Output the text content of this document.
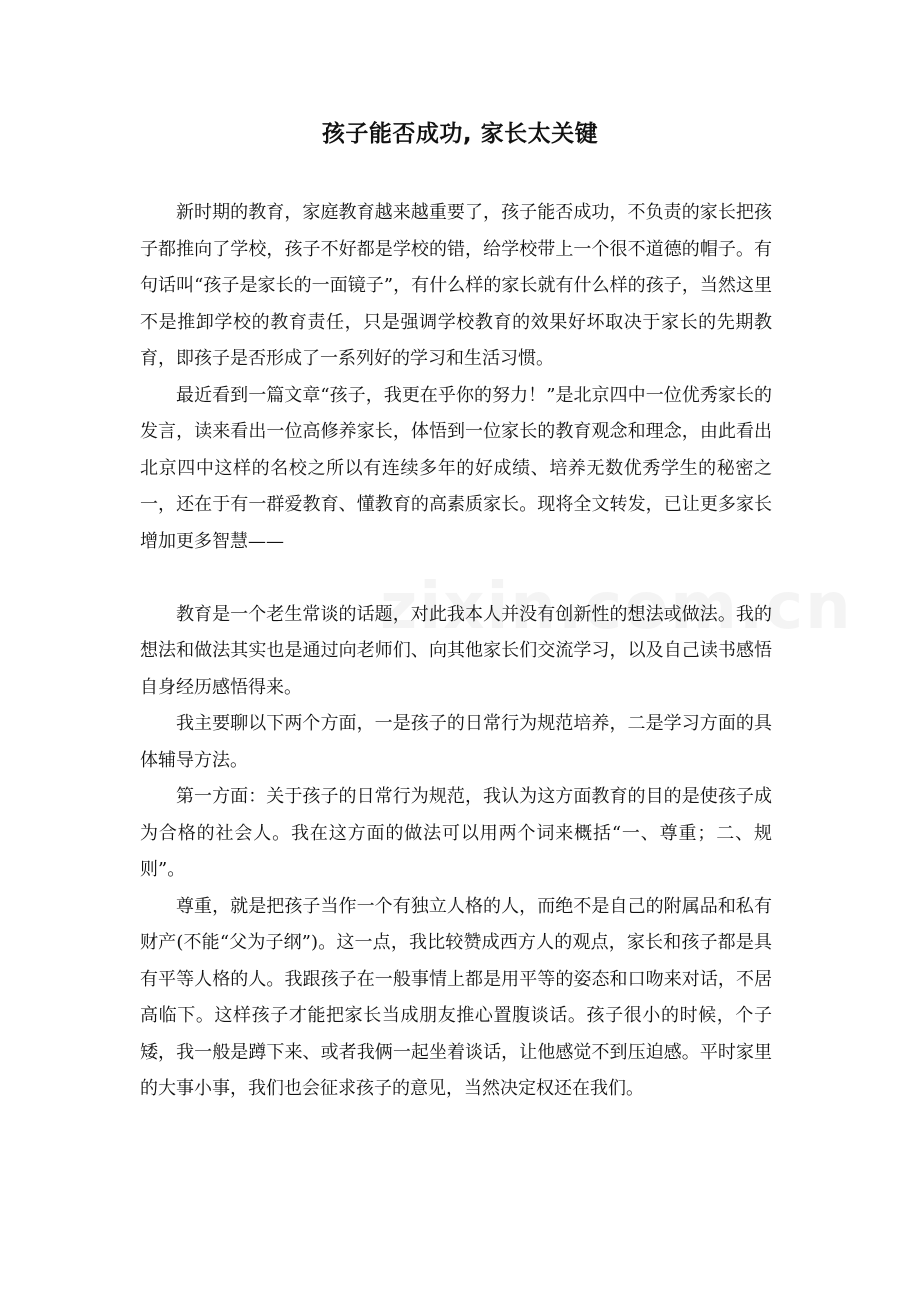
孩子能否成功, 家长太关键

新时期的教育，家庭教育越来越重要了，孩子能否成功，不负责的家长把孩子都推向了学校，孩子不好都是学校的错，给学校带上一个很不道德的帽子。有句话叫“孩子是家长的一面镜子”，有什么样的家长就有什么样的孩子，当然这里不是推卸学校的教育责任，只是强调学校教育的效果好坏取决于家长的先期教育，即孩子是否形成了一系列好的学习和生活习惯。

最近看到一篇文章“孩子，我更在乎你的努力！”是北京四中一位优秀家长的发言，读来看出一位高修养家长，体悟到一位家长的教育观念和理念，由此看出北京四中这样的名校之所以有连续多年的好成绩、培养无数优秀学生的秘密之一，还在于有一群爱教育、懂教育的高素质家长。现将全文转发，已让更多家长增加更多智慧——

教育是一个老生常谈的话题，对此我本人并没有创新性的想法或做法。我的想法和做法其实也是通过向老师们、向其他家长们交流学习，以及自己读书感悟自身经历感悟得来。

我主要聊以下两个方面，一是孩子的日常行为规范培养，二是学习方面的具体辅导方法。

第一方面：关于孩子的日常行为规范，我认为这方面教育的目的是使孩子成为合格的社会人。我在这方面的做法可以用两个词来概括“一、尊重；二、规则”。

尊重，就是把孩子当作一个有独立人格的人，而绝不是自己的附属品和私有财产(不能“父为子纲”)。这一点，我比较赞成西方人的观点，家长和孩子都是具有平等人格的人。我跟孩子在一般事情上都是用平等的姿态和口吻来对话，不居高临下。这样孩子才能把家长当成朋友推心置腹谈话。孩子很小的时候，个子矮，我一般是蹲下来、或者我俩一起坐着谈话，让他感觉不到压迫感。平时家里的大事小事，我们也会征求孩子的意见，当然决定权还在我们。
